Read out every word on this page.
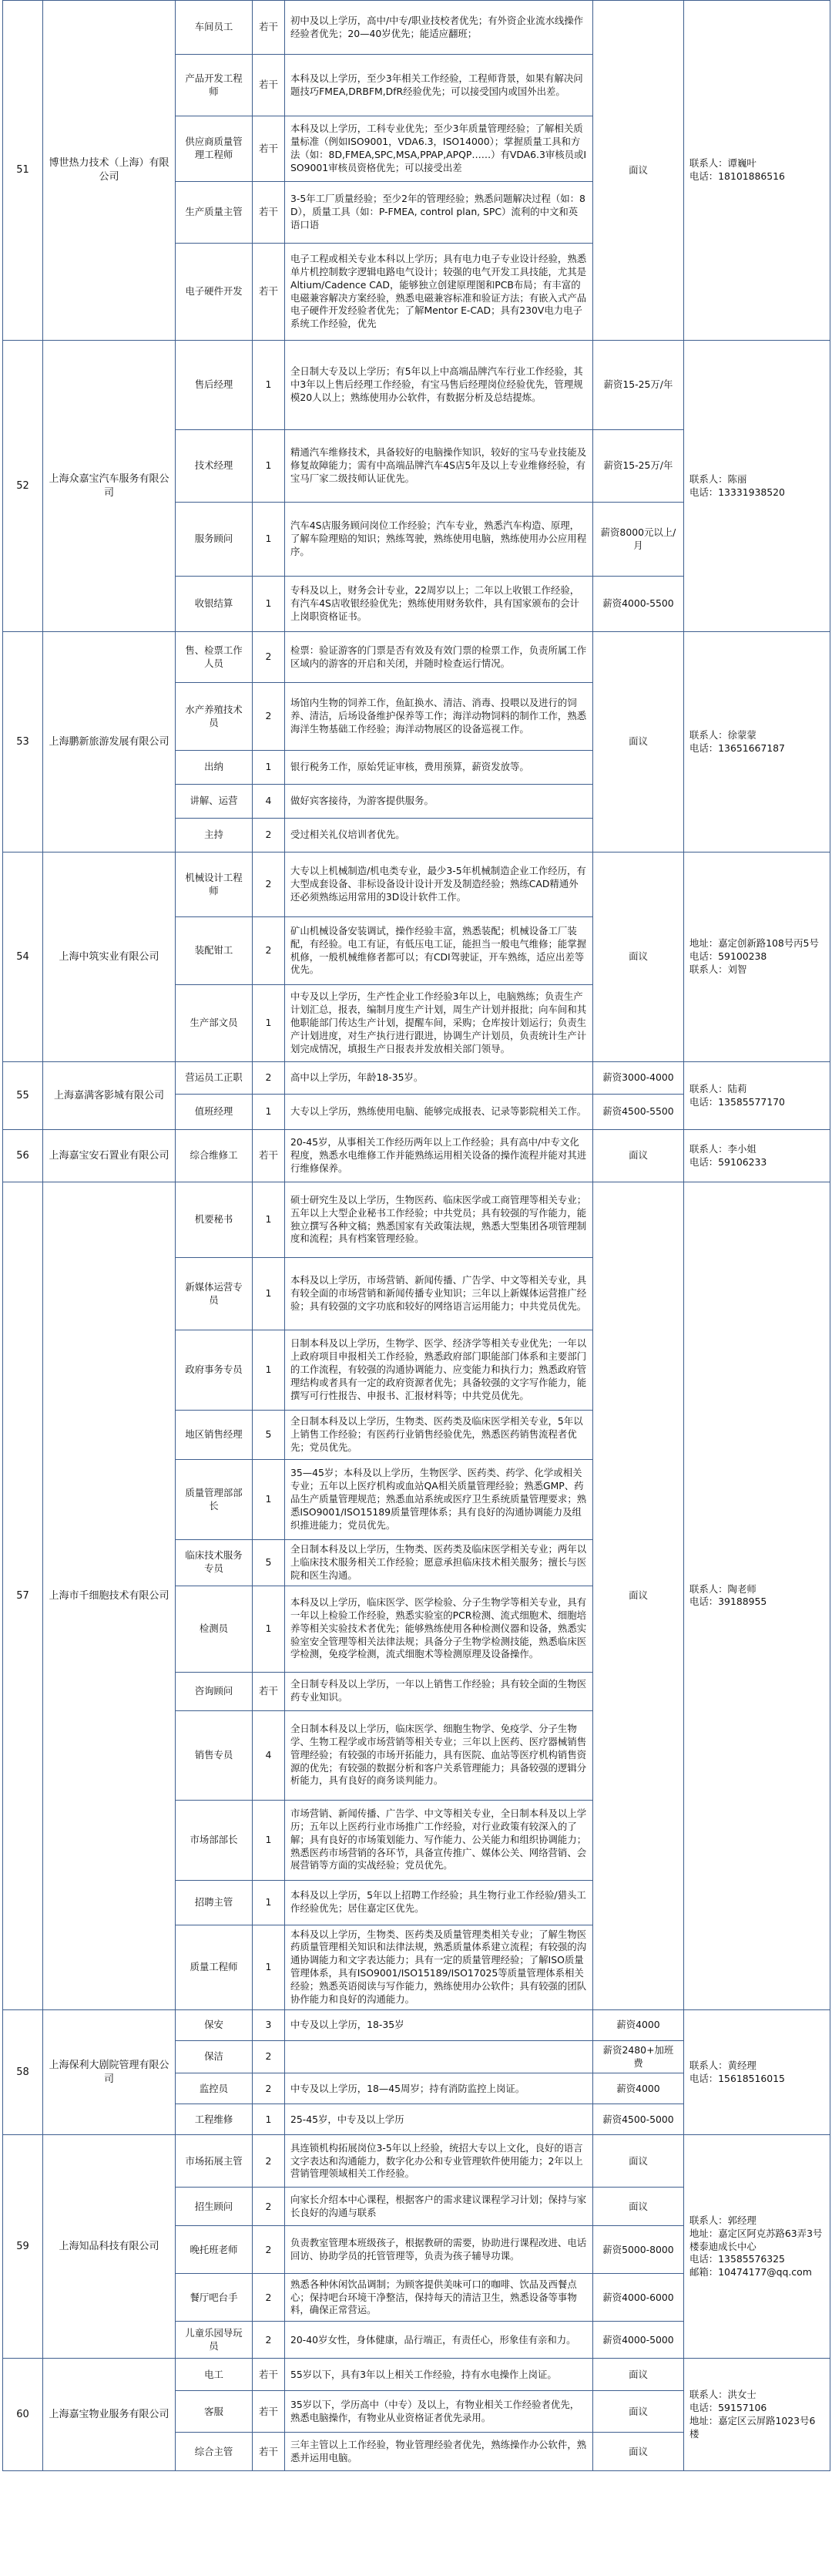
51	博世热力技术（上海）有限公司	车间员工	若干	初中及以上学历，高中/中专/职业技校者优先；有外资企业流水线操作经验者优先；20—40岁优先；能适应翻班；	面议	联系人：谭巍叶
电话：18101886516

		产品开发工程师	若干	本科及以上学历，至少3年相关工作经验，工程师背景，如果有解决问题技巧FMEA,DRBFM,DfR经验优先；可以接受国内或国外出差。		
		供应商质量管理工程师	若干	本科及以上学历，工科专业优先；至少3年质量管理经验；了解相关质量标准（例如ISO9001，VDA6.3，ISO14000）；掌握质量工具和方法（如：8D,FMEA,SPC,MSA,PPAP,APQP……）有VDA6.3审核员或ISO9001审核员资格优先；可以接受出差		
		生产质量主管	若干	3-5年工厂质量经验；至少2年的管理经验；熟悉问题解决过程（如：8D），质量工具（如：P-FMEA, control plan, SPC）流利的中文和英语口语		
		电子硬件开发	若干	电子工程或相关专业本科以上学历；具有电力电子专业设计经验，熟悉单片机控制数字逻辑电路电气设计；较强的电气开发工具技能，尤其是Altium/Cadence CAD，能够独立创建原理图和PCB布局；有丰富的电磁兼容解决方案经验，熟悉电磁兼容标准和验证方法；有嵌入式产品电子硬件开发经验者优先；了解Mentor E-CAD；具有230V电力电子系统工作经验，优先		
52	上海众嘉宝汽车服务有限公司	售后经理	1	全日制大专及以上学历；有5年以上中高端品牌汽车行业工作经验，其中3年以上售后经理工作经验，有宝马售后经理岗位经验优先，管理规模20人以上；熟练使用办公软件，有数据分析及总结提炼。	薪资15-25万/年	联系人：陈丽
电话：13331938520

		技术经理	1	精通汽车维修技术，具备较好的电脑操作知识，较好的宝马专业技能及修复故障能力；需有中高端品牌汽车4S店5年及以上专业维修经验，有宝马厂家二级技师认证优先。	薪资15-25万/年	
		服务顾问	1	汽车4S店服务顾问岗位工作经验；汽车专业，熟悉汽车构造、原理，了解车险理赔的知识；熟练驾驶，熟练使用电脑，熟练使用办公应用程序。	薪资8000元以上/月	
		收银结算	1	专科及以上，财务会计专业，22周岁以上；二年以上收银工作经验，有汽车4S店收银经验优先；熟练使用财务软件，具有国家颁布的会计上岗职资格证书。	薪资4000-5500	
53	上海鹏新旅游发展有限公司	售、检票工作人员	2	检票：验证游客的门票是否有效及有效门票的检票工作，负责所属工作区域内的游客的开启和关闭，并随时检查运行情况。	面议	联系人：徐蒙蒙
电话：13651667187

		水产养殖技术员	2	场馆内生物的饲养工作，鱼缸换水、清洁、消毒、投喂以及进行的饲养、清洁，后场设备维护保养等工作；海洋动物饲料的制作工作，熟悉海洋生物基础工作经验；海洋动物展区的设备巡视工作。		
		出纳	1	银行税务工作，原始凭证审核，费用预算，薪资发放等。		
		讲解、运营	4	做好宾客接待，为游客提供服务。		
		主持	2	受过相关礼仪培训者优先。		
54	上海中筑实业有限公司	机械设计工程师	2	大专以上机械制造/机电类专业，最少3-5年机械制造企业工作经历，有大型成套设备、非标设备设计设计开发及制造经验；熟练CAD精通外还必须熟练运用常用的3D设计软件工作。	面议	地址：嘉定创新路108号丙5号
电话：59100238
联系人：刘智

		装配钳工	2	矿山机械设备安装调试，操作经验丰富，熟悉装配；机械设备工厂装配，有经验。电工有证，有低压电工证，能担当一般电气维修；能掌握机修，一般机械维修者都可以；有CDI驾驶证，开车熟练，适应出差等优先。		
		生产部文员	1	中专及以上学历，生产性企业工作经验3年以上，电脑熟练；负责生产计划汇总，报表，编制月度生产计划，周生产计划并报批；向车间和其他职能部门传达生产计划，提醒车间，采购；仓库按计划运行；负责生产计划进度，对生产执行进行跟进，协调生产计划员，负责统计生产计划完成情况，填报生产日报表并发放相关部门领导。		
55	上海嘉满客影城有限公司	营运员工正职	2	高中以上学历，年龄18-35岁。	薪资3000-4000	联系人：陆莉
电话：13585577170

		值班经理	1	大专以上学历，熟练使用电脑、能够完成报表、记录等影院相关工作。	薪资4500-5500	
56	上海嘉宝安石置业有限公司	综合维修工	若干	20-45岁，从事相关工作经历两年以上工作经验；具有高中/中专文化程度，熟悉水电维修工作并能熟练运用相关设备的操作流程并能对其进行维修保养。	面议	联系人：李小姐
电话：59106233

57	上海市千细胞技术有限公司	机要秘书	1	硕士研究生及以上学历，生物医药、临床医学或工商管理等相关专业；五年以上大型企业秘书工作经验；中共党员；具有较强的写作能力，能独立撰写各种文稿；熟悉国家有关政策法规，熟悉大型集团各项管理制度和流程；具有档案管理经验。	面议	联系人：陶老师
电话：39188955

		新媒体运营专员	1	本科及以上学历，市场营销、新闻传播、广告学、中文等相关专业，具有较全面的市场营销和新闻传播专业知识；三年以上新媒体运营推广经验；具有较强的文字功底和较好的网络语言运用能力；中共党员优先。		
		政府事务专员	1	日制本科及以上学历，生物学、医学、经济学等相关专业优先；一年以上政府项目申报相关工作经验，熟悉政府部门职能部门体系和主要部门的工作流程，有较强的沟通协调能力、应变能力和执行力；熟悉政府管理结构或者具有一定的政府资源者优先；具备较强的文字写作能力，能撰写可行性报告、申报书、汇报材料等；中共党员优先。		
		地区销售经理	5	全日制本科及以上学历，生物类、医药类及临床医学相关专业，5年以上销售工作经验；有医药行业销售经验优先，熟悉医药销售流程者优先；党员优先。		
		质量管理部部长	1	35—45岁；本科及以上学历，生物医学、医药类、药学、化学或相关专业；五年以上医疗机构或血站QA相关质量管理经验；熟悉GMP、药品生产质量管理规范；熟悉血站系统或医疗卫生系统质量管理要求；熟悉ISO9001/ISO15189质量管理体系；具有良好的沟通协调能力及组织推进能力；党员优先。		
		临床技术服务专员	5	全日制本科及以上学历，生物类、医药类及临床医学相关专业；两年以上临床技术服务相关工作经验；愿意承担临床技术相关服务；擅长与医院和医生沟通。		
		检测员	1	本科及以上学历，临床医学、医学检验、分子生物学等相关专业，具有一年以上检验工作经验，熟悉实验室的PCR检测、流式细胞术、细胞培养等相关实验技术者优先；能够熟练使用各种检测仪器和设备，熟悉实验室安全管理等相关法律法规；具备分子生物学检测技能，熟悉临床医学检测，免疫学检测，流式细胞术等检测原理及设备操作。		
		咨询顾问	若干	全日制专科及以上学历，一年以上销售工作经验；具有较全面的生物医药专业知识。		
		销售专员	4	全日制本科及以上学历，临床医学、细胞生物学、免疫学、分子生物学、生物工程学或市场营销等相关专业；三年以上医药、医疗器械销售管理经验；有较强的市场开拓能力，具有医院、血站等医疗机构销售资源的优先；有较强的数据分析和客户关系管理能力；具备较强的逻辑分析能力，具有良好的商务谈判能力。		
		市场部部长	1	市场营销、新闻传播、广告学、中文等相关专业，全日制本科及以上学历；五年以上医药行业市场推广工作经验，对行业政策有较深入的了解；具有良好的市场策划能力、写作能力、公关能力和组织协调能力；熟悉医药市场营销的各环节，具备宣传推广、媒体公关、网络营销、会展营销等方面的实战经验；党员优先。		
		招聘主管	1	本科及以上学历，5年以上招聘工作经验；具生物行业工作经验/猎头工作经验优先；居住嘉定区优先。		
		质量工程师	1	本科及以上学历，生物类、医药类及质量管理类相关专业；了解生物医药质量管理相关知识和法律法规，熟悉质量体系建立流程；有较强的沟通协调能力和文字表达能力；具有一定的质量管理经验；了解ISO质量管理体系，具有ISO9001/ISO15189/ISO17025等质量管理体系相关经验；熟悉英语阅读与写作能力，熟练使用办公软件；具有较强的团队协作能力和良好的沟通能力。		
58	上海保利大剧院管理有限公司	保安	3	中专及以上学历，18-35岁	薪资4000	联系人：黄经理
电话：15618516015

		保洁	2		薪资2480+加班费	
		监控员	2	中专及以上学历，18—45周岁；持有消防监控上岗证。	薪资4000	
		工程维修	1	25-45岁，中专及以上学历	薪资4500-5000	
59	上海知品科技有限公司	市场拓展主管	2	具连锁机构拓展岗位3-5年以上经验，统招大专以上文化，良好的语言文字表达和沟通能力，数字化办公和专业管理软件使用能力；2年以上营销管理领域相关工作经验。	面议	联系人：郭经理
地址：嘉定区阿克苏路63弄3号楼泰迪成长中心
电话：13585576325
邮箱：10474177@qq.com

		招生顾问	2	向家长介绍本中心课程，根据客户的需求建议课程学习计划；保持与家长良好的沟通与联系	面议	
		晚托班老师	2	负责教室管理本班级孩子，根据教研的需要，协助进行课程改进、电话回访、协助学员的托管管理等，负责为孩子辅导功课。	薪资5000-8000	
		餐厅吧台手	2	熟悉各种休闲饮品调制；为顾客提供美味可口的咖啡、饮品及西餐点心；保持吧台环境干净整洁，保持每天的清洁卫生，熟悉设备等事物料，确保正常营运。	薪资4000-6000	
		儿童乐园导玩员	2	20-40岁女性，身体健康，品行端正，有责任心，形象佳有亲和力。	薪资4000-5000	
60	上海嘉宝物业服务有限公司	电工	若干	55岁以下，具有3年以上相关工作经验，持有水电操作上岗证。	面议	联系人：洪女士
电话：59157106
地址：嘉定区云屏路1023号6楼

		客服	若干	35岁以下，学历高中（中专）及以上，有物业相关工作经验者优先，熟悉电脑操作，有物业从业资格证者优先录用。	面议	
		综合主管	若干	三年主管以上工作经验，物业管理经验者优先，熟练操作办公软件，熟悉并运用电脑。	面议	
